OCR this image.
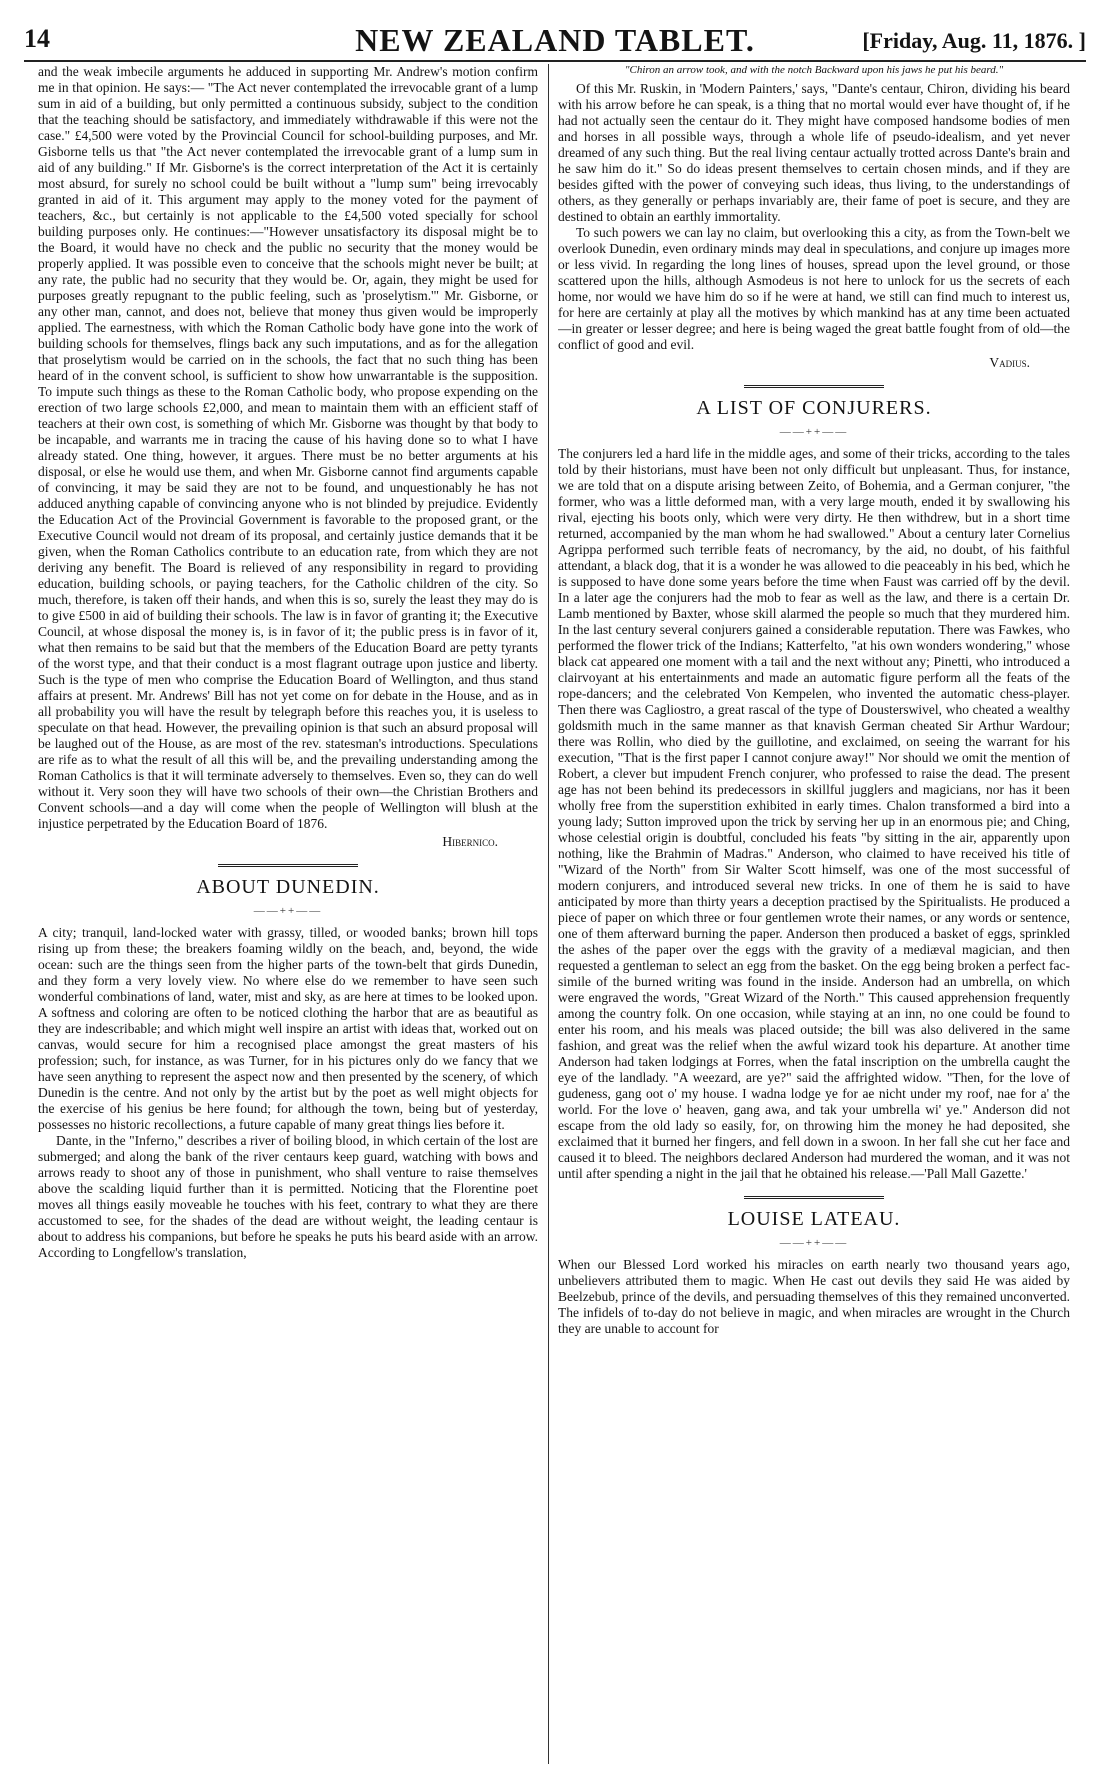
14	NEW ZEALAND TABLET.	[Friday, Aug. 11, 1876. ]

and the weak imbecile arguments he adduced in supporting Mr. Andrew's motion confirm me in that opinion. He says:— "The Act never contemplated the irrevocable grant of a lump sum in aid of a building, but only permitted a continuous subsidy, subject to the condition that the teaching should be satisfactory, and immediately withdrawable if this were not the case." £4,500 were voted by the Provincial Council for school-building purposes, and Mr. Gisborne tells us that "the Act never contemplated the irrevocable grant of a lump sum in aid of any building." If Mr. Gisborne's is the correct interpretation of the Act it is certainly most absurd, for surely no school could be built without a "lump sum" being irrevocably granted in aid of it. This argument may apply to the money voted for the payment of teachers, &c., but certainly is not applicable to the £4,500 voted specially for school building purposes only. He continues:—"However unsatisfactory its disposal might be to the Board, it would have no check and the public no security that the money would be properly applied. It was possible even to conceive that the schools might never be built; at any rate, the public had no security that they would be. Or, again, they might be used for purposes greatly repugnant to the public feeling, such as 'proselytism.'" Mr. Gisborne, or any other man, cannot, and does not, believe that money thus given would be improperly applied. The earnestness, with which the Roman Catholic body have gone into the work of building schools for themselves, flings back any such imputations, and as for the allegation that proselytism would be carried on in the schools, the fact that no such thing has been heard of in the convent school, is sufficient to show how unwarrantable is the supposition. To impute such things as these to the Roman Catholic body, who propose expending on the erection of two large schools £2,000, and mean to maintain them with an efficient staff of teachers at their own cost, is something of which Mr. Gisborne was thought by that body to be incapable, and warrants me in tracing the cause of his having done so to what I have already stated. One thing, however, it argues. There must be no better arguments at his disposal, or else he would use them, and when Mr. Gisborne cannot find arguments capable of convincing, it may be said they are not to be found, and unquestionably he has not adduced anything capable of convincing anyone who is not blinded by prejudice. Evidently the Education Act of the Provincial Government is favorable to the proposed grant, or the Executive Council would not dream of its proposal, and certainly justice demands that it be given, when the Roman Catholics contribute to an education rate, from which they are not deriving any benefit. The Board is relieved of any responsibility in regard to providing education, building schools, or paying teachers, for the Catholic children of the city. So much, therefore, is taken off their hands, and when this is so, surely the least they may do is to give £500 in aid of building their schools. The law is in favor of granting it; the Executive Council, at whose disposal the money is, is in favor of it; the public press is in favor of it, what then remains to be said but that the members of the Education Board are petty tyrants of the worst type, and that their conduct is a most flagrant outrage upon justice and liberty. Such is the type of men who comprise the Education Board of Wellington, and thus stand affairs at present. Mr. Andrews' Bill has not yet come on for debate in the House, and as in all probability you will have the result by telegraph before this reaches you, it is useless to speculate on that head. However, the prevailing opinion is that such an absurd proposal will be laughed out of the House, as are most of the rev. statesman's introductions. Speculations are rife as to what the result of all this will be, and the prevailing understanding among the Roman Catholics is that it will terminate adversely to themselves. Even so, they can do well without it. Very soon they will have two schools of their own—the Christian Brothers and Convent schools—and a day will come when the people of Wellington will blush at the injustice perpetrated by the Education Board of 1876.

Hibernico.
ABOUT DUNEDIN.
——++——

A city; tranquil, land-locked water with grassy, tilled, or wooded banks; brown hill tops rising up from these; the breakers foaming wildly on the beach, and, beyond, the wide ocean: such are the things seen from the higher parts of the town-belt that girds Dunedin, and they form a very lovely view. No where else do we remember to have seen such wonderful combinations of land, water, mist and sky, as are here at times to be looked upon. A softness and coloring are often to be noticed clothing the harbor that are as beautiful as they are indescribable; and which might well inspire an artist with ideas that, worked out on canvas, would secure for him a recognised place amongst the great masters of his profession; such, for instance, as was Turner, for in his pictures only do we fancy that we have seen anything to represent the aspect now and then presented by the scenery, of which Dunedin is the centre. And not only by the artist but by the poet as well might objects for the exercise of his genius be here found; for although the town, being but of yesterday, possesses no historic recollections, a future capable of many great things lies before it.

Dante, in the "Inferno," describes a river of boiling blood, in which certain of the lost are submerged; and along the bank of the river centaurs keep guard, watching with bows and arrows ready to shoot any of those in punishment, who shall venture to raise themselves above the scalding liquid further than it is permitted. Noticing that the Florentine poet moves all things easily moveable he touches with his feet, contrary to what they are there accustomed to see, for the shades of the dead are without weight, the leading centaur is about to address his companions, but before he speaks he puts his beard aside with an arrow. According to Longfellow's translation,

"Chiron an arrow took, and with the notch Backward upon his jaws he put his beard."

Of this Mr. Ruskin, in 'Modern Painters,' says, "Dante's centaur, Chiron, dividing his beard with his arrow before he can speak, is a thing that no mortal would ever have thought of, if he had not actually seen the centaur do it. They might have composed handsome bodies of men and horses in all possible ways, through a whole life of pseudo-idealism, and yet never dreamed of any such thing. But the real living centaur actually trotted across Dante's brain and he saw him do it." So do ideas present themselves to certain chosen minds, and if they are besides gifted with the power of conveying such ideas, thus living, to the understandings of others, as they generally or perhaps invariably are, their fame of poet is secure, and they are destined to obtain an earthly immortality.

To such powers we can lay no claim, but overlooking this a city, as from the Town-belt we overlook Dunedin, even ordinary minds may deal in speculations, and conjure up images more or less vivid. In regarding the long lines of houses, spread upon the level ground, or those scattered upon the hills, although Asmodeus is not here to unlock for us the secrets of each home, nor would we have him do so if he were at hand, we still can find much to interest us, for here are certainly at play all the motives by which mankind has at any time been actuated—in greater or lesser degree; and here is being waged the great battle fought from of old—the conflict of good and evil.

Vadius.
A LIST OF CONJURERS.
——++——

The conjurers led a hard life in the middle ages, and some of their tricks, according to the tales told by their historians, must have been not only difficult but unpleasant. Thus, for instance, we are told that on a dispute arising between Zeito, of Bohemia, and a German conjurer, "the former, who was a little deformed man, with a very large mouth, ended it by swallowing his rival, ejecting his boots only, which were very dirty. He then withdrew, but in a short time returned, accompanied by the man whom he had swallowed." About a century later Cornelius Agrippa performed such terrible feats of necromancy, by the aid, no doubt, of his faithful attendant, a black dog, that it is a wonder he was allowed to die peaceably in his bed, which he is supposed to have done some years before the time when Faust was carried off by the devil. In a later age the conjurers had the mob to fear as well as the law, and there is a certain Dr. Lamb mentioned by Baxter, whose skill alarmed the people so much that they murdered him. In the last century several conjurers gained a considerable reputation. There was Fawkes, who performed the flower trick of the Indians; Katterfelto, "at his own wonders wondering," whose black cat appeared one moment with a tail and the next without any; Pinetti, who introduced a clairvoyant at his entertainments and made an automatic figure perform all the feats of the rope-dancers; and the celebrated Von Kempelen, who invented the automatic chess-player. Then there was Cagliostro, a great rascal of the type of Dousterswivel, who cheated a wealthy goldsmith much in the same manner as that knavish German cheated Sir Arthur Wardour; there was Rollin, who died by the guillotine, and exclaimed, on seeing the warrant for his execution, "That is the first paper I cannot conjure away!" Nor should we omit the mention of Robert, a clever but impudent French conjurer, who professed to raise the dead. The present age has not been behind its predecessors in skillful jugglers and magicians, nor has it been wholly free from the superstition exhibited in early times. Chalon transformed a bird into a young lady; Sutton improved upon the trick by serving her up in an enormous pie; and Ching, whose celestial origin is doubtful, concluded his feats "by sitting in the air, apparently upon nothing, like the Brahmin of Madras." Anderson, who claimed to have received his title of "Wizard of the North" from Sir Walter Scott himself, was one of the most successful of modern conjurers, and introduced several new tricks. In one of them he is said to have anticipated by more than thirty years a deception practised by the Spiritualists. He produced a piece of paper on which three or four gentlemen wrote their names, or any words or sentence, one of them afterward burning the paper. Anderson then produced a basket of eggs, sprinkled the ashes of the paper over the eggs with the gravity of a mediæval magician, and then requested a gentleman to select an egg from the basket. On the egg being broken a perfect fac-simile of the burned writing was found in the inside. Anderson had an umbrella, on which were engraved the words, "Great Wizard of the North." This caused apprehension frequently among the country folk. On one occasion, while staying at an inn, no one could be found to enter his room, and his meals was placed outside; the bill was also delivered in the same fashion, and great was the relief when the awful wizard took his departure. At another time Anderson had taken lodgings at Forres, when the fatal inscription on the umbrella caught the eye of the landlady. "A weezard, are ye?" said the affrighted widow. "Then, for the love of gudeness, gang oot o' my house. I wadna lodge ye for ae nicht under my roof, nae for a' the world. For the love o' heaven, gang awa, and tak your umbrella wi' ye." Anderson did not escape from the old lady so easily, for, on throwing him the money he had deposited, she exclaimed that it burned her fingers, and fell down in a swoon. In her fall she cut her face and caused it to bleed. The neighbors declared Anderson had murdered the woman, and it was not until after spending a night in the jail that he obtained his release.—'Pall Mall Gazette.'

LOUISE LATEAU.
——++——

When our Blessed Lord worked his miracles on earth nearly two thousand years ago, unbelievers attributed them to magic. When He cast out devils they said He was aided by Beelzebub, prince of the devils, and persuading themselves of this they remained unconverted. The infidels of to-day do not believe in magic, and when miracles are wrought in the Church they are unable to account for
